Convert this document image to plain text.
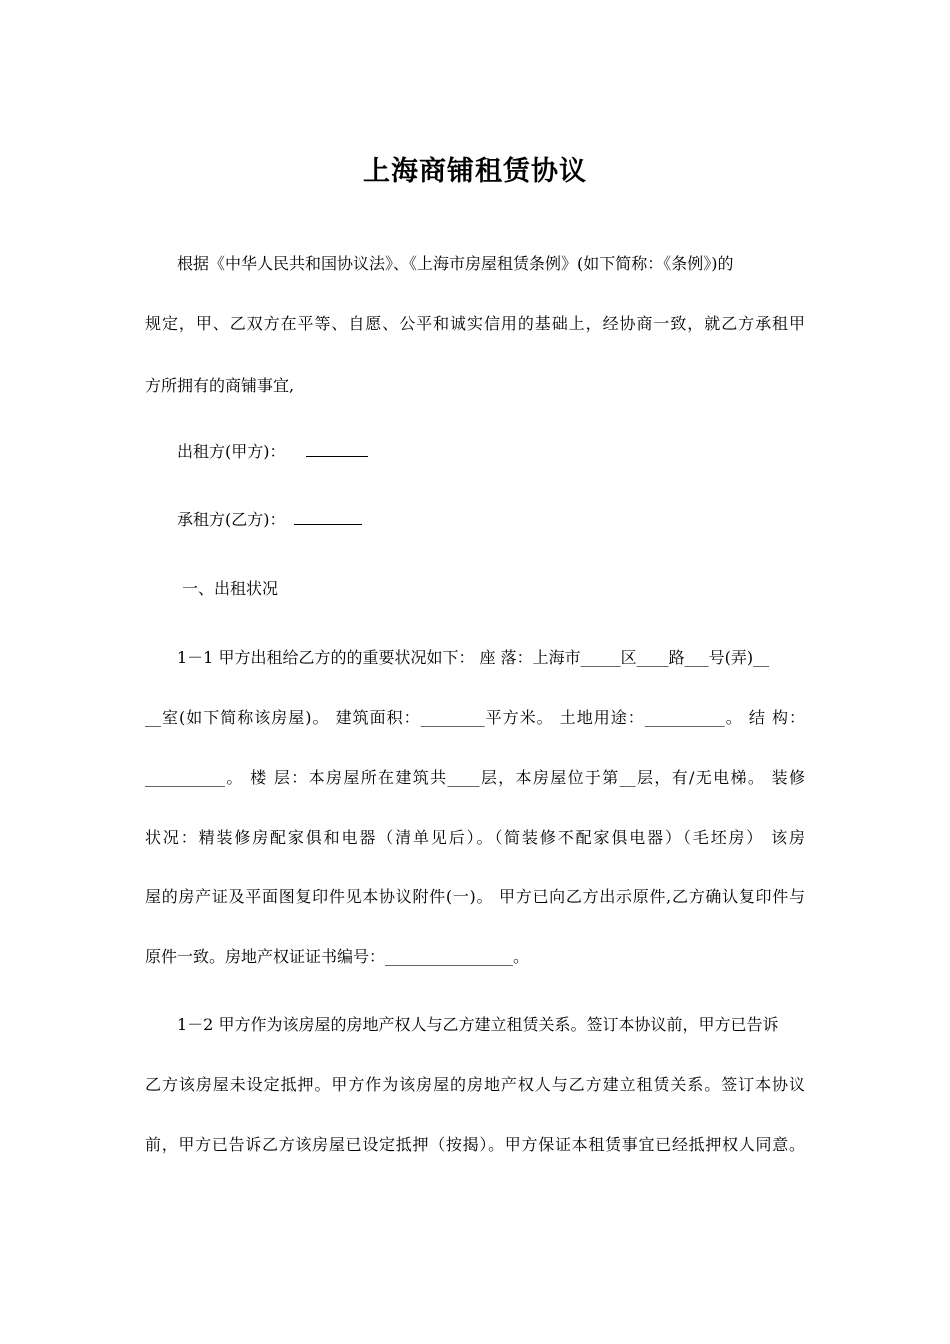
上海商铺租赁协议
根据《中华人民共和国协议法》、《上海市房屋租赁条例》(如下简称：《条例》)的
规定，甲、乙双方在平等、自愿、公平和诚实信用的基础上，经协商一致，就乙方承租甲
方所拥有的商铺事宜,
出租方(甲方)：
承租方(乙方)：
一、出租状况
1－1 甲方出租给乙方的的重要状况如下： 座 落：上海市_____区____路___号(弄)__
__室(如下简称该房屋)。 建筑面积：________平方米。 土地用途：__________。 结 构：
__________。 楼 层：本房屋所在建筑共____层，本房屋位于第__层，有/无电梯。 装修
状况：精装修房配家俱和电器（清单见后）。（简装修不配家俱电器）（毛坯房） 该房
屋的房产证及平面图复印件见本协议附件(一)。 甲方已向乙方出示原件,乙方确认复印件与
原件一致。房地产权证证书编号：________________。
1－2 甲方作为该房屋的房地产权人与乙方建立租赁关系。签订本协议前，甲方已告诉
乙方该房屋未设定抵押。甲方作为该房屋的房地产权人与乙方建立租赁关系。签订本协议
前，甲方已告诉乙方该房屋已设定抵押（按揭）。甲方保证本租赁事宜已经抵押权人同意。
